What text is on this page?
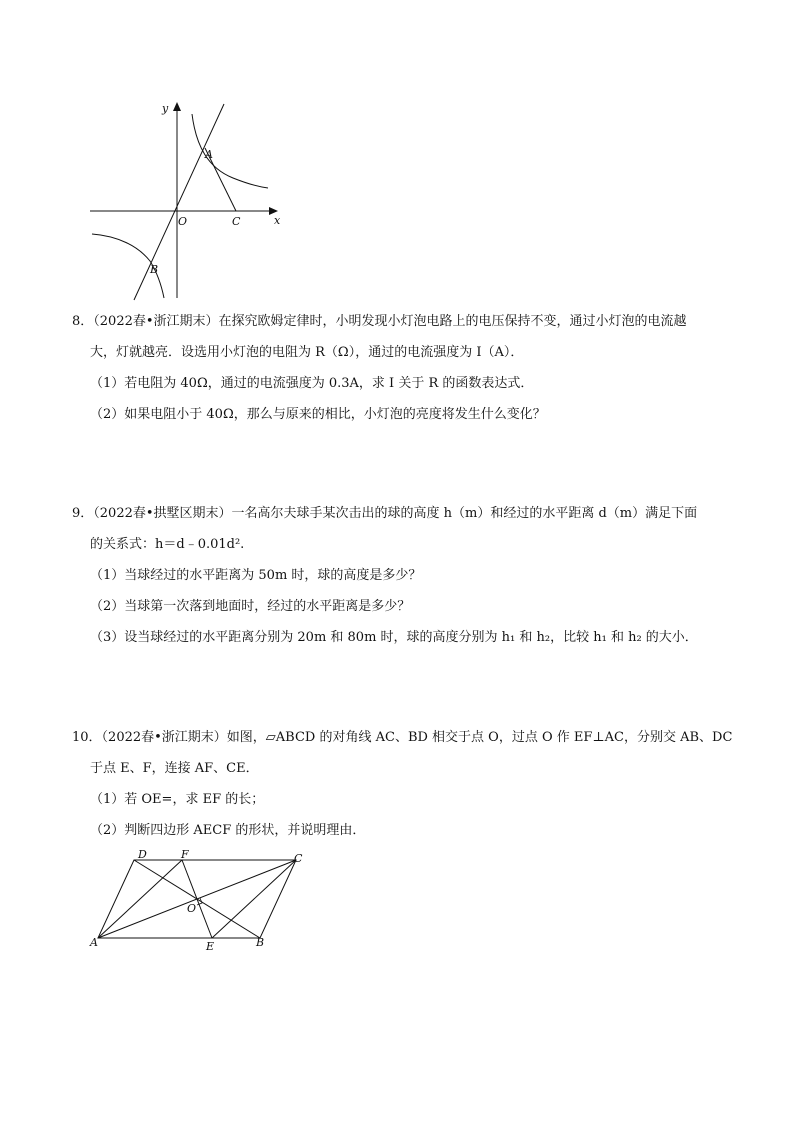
y
x
O
A
C
B
8．（2022春•浙江期末）在探究欧姆定律时，小明发现小灯泡电路上的电压保持不变，通过小灯泡的电流越
大，灯就越亮．设选用小灯泡的电阻为 R（Ω），通过的电流强度为 I（A）．
（1）若电阻为 40Ω，通过的电流强度为 0.3A，求 I 关于 R 的函数表达式．
（2）如果电阻小于 40Ω，那么与原来的相比，小灯泡的亮度将发生什么变化？
9．（2022春•拱墅区期末）一名高尔夫球手某次击出的球的高度 h（m）和经过的水平距离 d（m）满足下面
的关系式：h＝d﹣0.01d².
（1）当球经过的水平距离为 50m 时，球的高度是多少？
（2）当球第一次落到地面时，经过的水平距离是多少？
（3）设当球经过的水平距离分别为 20m 和 80m 时，球的高度分别为 h₁ 和 h₂，比较 h₁ 和 h₂ 的大小．
10．（2022春•浙江期末）如图，▱ABCD 的对角线 AC、BD 相交于点 O，过点 O 作 EF⊥AC，分别交 AB、DC
于点 E、F，连接 AF、CE．
（1）若 OE=，求 EF 的长；
（2）判断四边形 AECF 的形状，并说明理由．
D	F	C
O
A	E	B
